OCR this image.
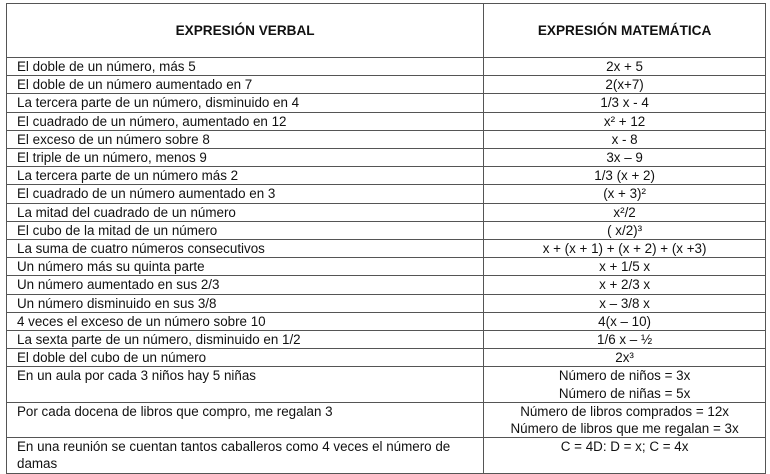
EXPRESIÓN VERBAL	EXPRESIÓN MATEMÁTICA
El doble de un número, más 5	2x + 5

El doble de un número aumentado en 7	2(x+7)

La tercera parte de un número, disminuido en 4	1/3 x - 4

El cuadrado de un número, aumentado en 12	x² + 12

El exceso de un número sobre 8	x - 8

El triple de un número, menos 9	3x – 9

La tercera parte de un número más 2	1/3 (x + 2)

El cuadrado de un número aumentado en 3	(x + 3)²

La mitad del cuadrado de un número	x²/2

El cubo de la mitad de un número	( x/2)³

La suma de cuatro números consecutivos	x + (x + 1) + (x + 2) + (x +3)

Un número más su quinta parte	x + 1/5 x

Un número aumentado en sus 2/3	x + 2/3 x

Un número disminuido en sus 3/8	x – 3/8 x

4 veces el exceso de un número sobre 10	4(x – 10)

La sexta parte de un número, disminuido en 1/2	1/6 x – ½

El doble del cubo de un número	2x³

En un aula por cada 3 niños hay 5 niñas	Número de niños = 3x
Número de niñas = 5x

Por cada docena de libros que compro, me regalan 3	Número de libros comprados = 12x
Número de libros que me regalan = 3x

En una reunión se cuentan tantos caballeros como 4 veces el número de damas	C = 4D: D = x; C = 4x
